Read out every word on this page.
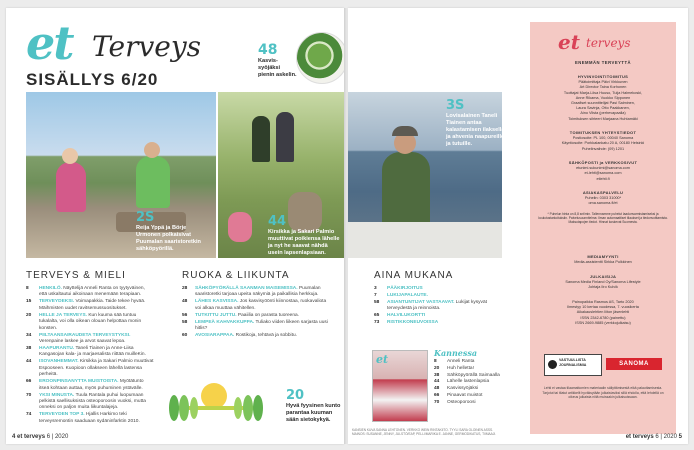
et Terveys
SISÄLLYS 6/20
48
Kasvis-syöjäksi pienin askelin.
2S
Reija Yppä ja Börje Urmonen polkaisivat Puumalan saaristoretkin sähköpyörillä.
44
Kirsikka ja Sakari Palmio muuttivat poikiensa lähelle ja nyt he saavat nähdä usein lapsenlapsiaan.
TERVEYS & MIELI
8	HENKILÖ. Näyttelijä Anneli Ranta on tyytyväinen, että uskaltautui aikoinaan menemään terapiaan.
15	TERVEYDEKSI. Voimapakkia. Taide tekee hyvää. Mäihmisten uudet ravitsemussuositukset.
20	HELLE JA TERVEYS. Kun kuuma sää tuntuu tukalalta, voi olla oikean olouan helpottaa monin konsten.
34	PIILTAANSAIRAUDETA TERVEYSTYKSI. Verenpaine laskee ja arvot saavat lepoa.
38	HAAPURANTU. Taneli Tiainen ja Anne-Liisa Kangasojan kala- ja marjaesalista riittää muilleKin.
44	ISOVANHEMMAT. Kirsikka ja Sakari Palmio muuttivat Espooseen. Kuopioon ollakseen lähellä lastensa perheitä.
66	EROONPINSANYTTA MUISTOISTA. Myötätunto itseä kohtaan auttaa, myös puhuminen ystävälle.
70	YKSI MINUSTA. Tuula Rantala puhui luopumaan pelkistä saellisuksista osteoporoosin vuoksi, mutta onneksi on paljon muita liikuntalajeja.
74	TERVEYDEN TOP 3. Hjallis Harkimo teki terveysremontin saaduaan sydäninfarktin 2010.
RUOKA & LIIKUNTA
28	SÄHKÖPYÖRÄLLÄ SAANMAN MAISEMISSA. Puumalan saaristoretki tarjoaa upeita näkymiä ja paikallisia herkkuja.
48	LÄHES KASVISSA. Jos kasvisyöönti kiinnostaa, ruokavaliota voi alkaa muuttaa vähitellen.
56	TUTKITTU JUTTU. Paaiilia on parasta tuoreena.
58	LEMPEÄ KAHVAKKUPPA. Tuliako viiden liikeen sarjasta uusi hitlis?
60	AVOSIARAPPAA. Rostikoja, tehtävä ja sobbitu.
20
Hyvä fyysinen kunto parantaa kuuman sään sietokykyä.
4 et terveys 6 | 2020
3S
Lovisalainen Taneli Tiainen antaa kalastamisen ilaksella ja ahvenia naapureille ja tutuille.
AINA MUKANA
3	PÄÄKIRJOITUS
7	LUKIJAPALAUTE.
58	ASIANTUNTIJAT VASTAAVAT. Lukijat kysyvät terveydestä ja reinnoista.
65	HALVILUKORTTI
73	RISTIKKONEUVOISSA
et	Kannessa
8	Anneli Ranta
20	Huh helletta!
38	Sähköpyörällä Saimaalla
44	Lähelle lastenlapsia
48	Kasvissyöjäksi
66	Pinaavat muistot
70	Osteoporoosi
KANSIEN KUVA SANNA LEHTONEN. VERKKO WEIN RINTAKIITO. TYYLI SARA OLOINEN ASSS. MAINOS: SUSANNE, JENNY, JULSTÖ/EAP, PELLI/MARIKA E. JANNE, GERMODIKATUS, TIIMAAJI.
et terveys
ENEMMÄN TERVEYTTÄ
HYVINVOINTITOIMITUS
Päätoimittaja Päivi Virkkunen
Art Director Taina Korhonen
Tuottajat Marja-Liisa Huuso, Tuija Halmekoski,
Anne Rikama, Vuokko Sipponen
Graafiset suunnittelijat Pasi Salminen,
Laura Savinja, Otto Paakkanen,
Aino Viista (perhevapaalla)
Toimituksen sihteeri Marjaana Huhtamäki
TOIMITUKSEN YHTEYSTIEDOT
Postiosoite: PL 100, 00040 Sanoma
Käyntiosoite: Porkkalankatu 20 A, 00180 Helsinki
Puhelinvaihde: (09) 1201
SÄHKÖPOSTI ja VERKKOSIVUT
etunimi.sukunimi@sanoma.com
et-lehti@sanoma.com
etlehti.fi
ASIAKASPALVELU
Puhelin: 0303 31000*
oma.sanoma.fi/et
* Puhelun hinta on 8,8 snt/min. Tallennamme puhelut laadunvarmistamiseksi ja koulutustarkoituksiin. Palvelusuunnitelma: Ilman automaattiset tilaukset ja tiedonvoittamista. Maksutapojen tiedot. Hinnat koskevat Suomesta.
MEDIAMYYNTI
Media-assistentti Sirkka Pulkkinen
JULKAISIJA
Sanoma Media Finland Oy/Sanoma Lifestyle
Johtaja Ilro Kulvik
Painopaikka Rasmus AS, Tarto 2020
Ilmestyy 10 kertaa vuodessa, 7. vuosikerta
Aikakauslehtien liiton jäsenlehti
ISSN 2342-6780 (painettu)
ISSN 2669-9885 (verkkojulkaisu)
VASTUULLISTA JOURNALISMIA	SANOMA
Lehti ei vastaa tilaamattomien materiaalin säilyttämisestä eikä palauttamisesta. Tarjotut tai tilatut artikkelit hyväksytään julkaistaviksi sillä ehdolla, että lehdellä on oikeus julkaista niitä muissakin julkaisuissaan.
et terveys 6 | 2020 5
